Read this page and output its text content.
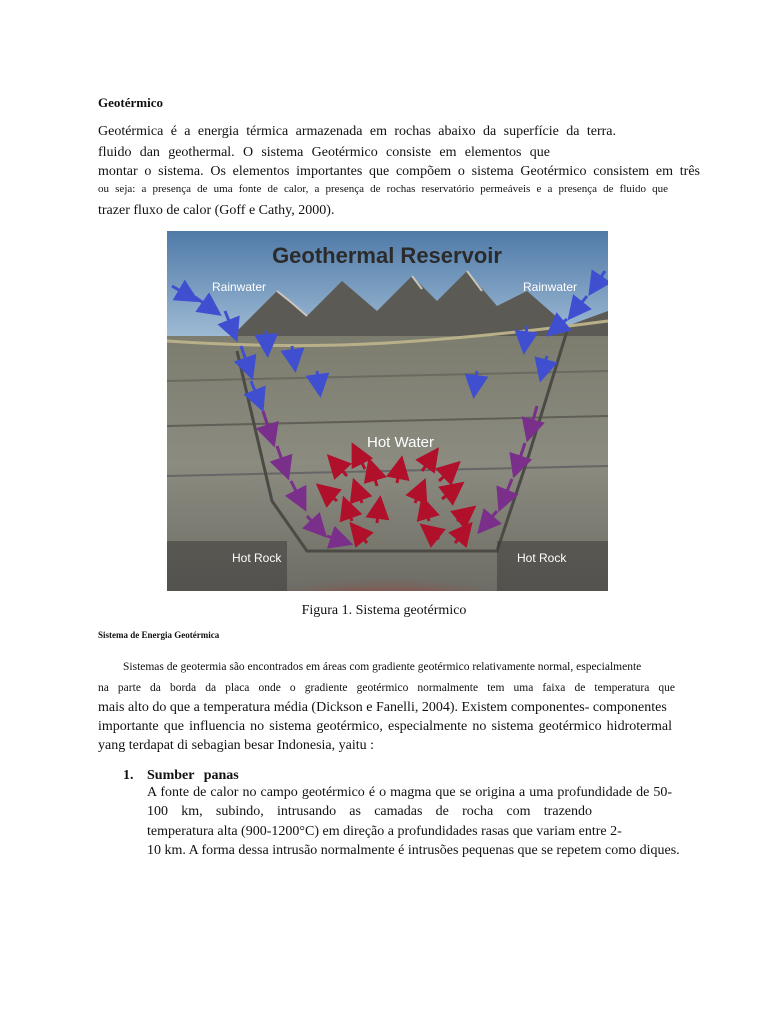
Geotérmico
Geotérmica é a energia térmica armazenada em rochas abaixo da superfície da terra.
fluido dan geothermal. O sistema Geotérmico consiste em elementos que
montar o sistema. Os elementos importantes que compõem o sistema Geotérmico consistem em três
ou seja: a presença de uma fonte de calor, a presença de rochas reservatório permeáveis e a presença de fluido que
trazer fluxo de calor (Goff e Cathy, 2000).
Geothermal Reservoir
Rainwater	Rainwater
Hot Water
Hot Rock	Hot Rock
Figura 1. Sistema geotérmico
Sistema de Energia Geotérmica
Sistemas de geotermia são encontrados em áreas com gradiente geotérmico relativamente normal, especialmente
na parte da borda da placa onde o gradiente geotérmico normalmente tem uma faixa de temperatura que
mais alto do que a temperatura média (Dickson e Fanelli, 2004). Existem componentes- componentes
importante que influencia no sistema geotérmico, especialmente no sistema geotérmico hidrotermal
yang terdapat di sebagian besar Indonesia, yaitu :
1. Sumber panas
A fonte de calor no campo geotérmico é o magma que se origina a uma profundidade de 50-
100 km, subindo, intrusando as camadas de rocha com trazendo
temperatura alta (900-1200°C) em direção a profundidades rasas que variam entre 2-
10 km. A forma dessa intrusão normalmente é intrusões pequenas que se repetem como diques.
